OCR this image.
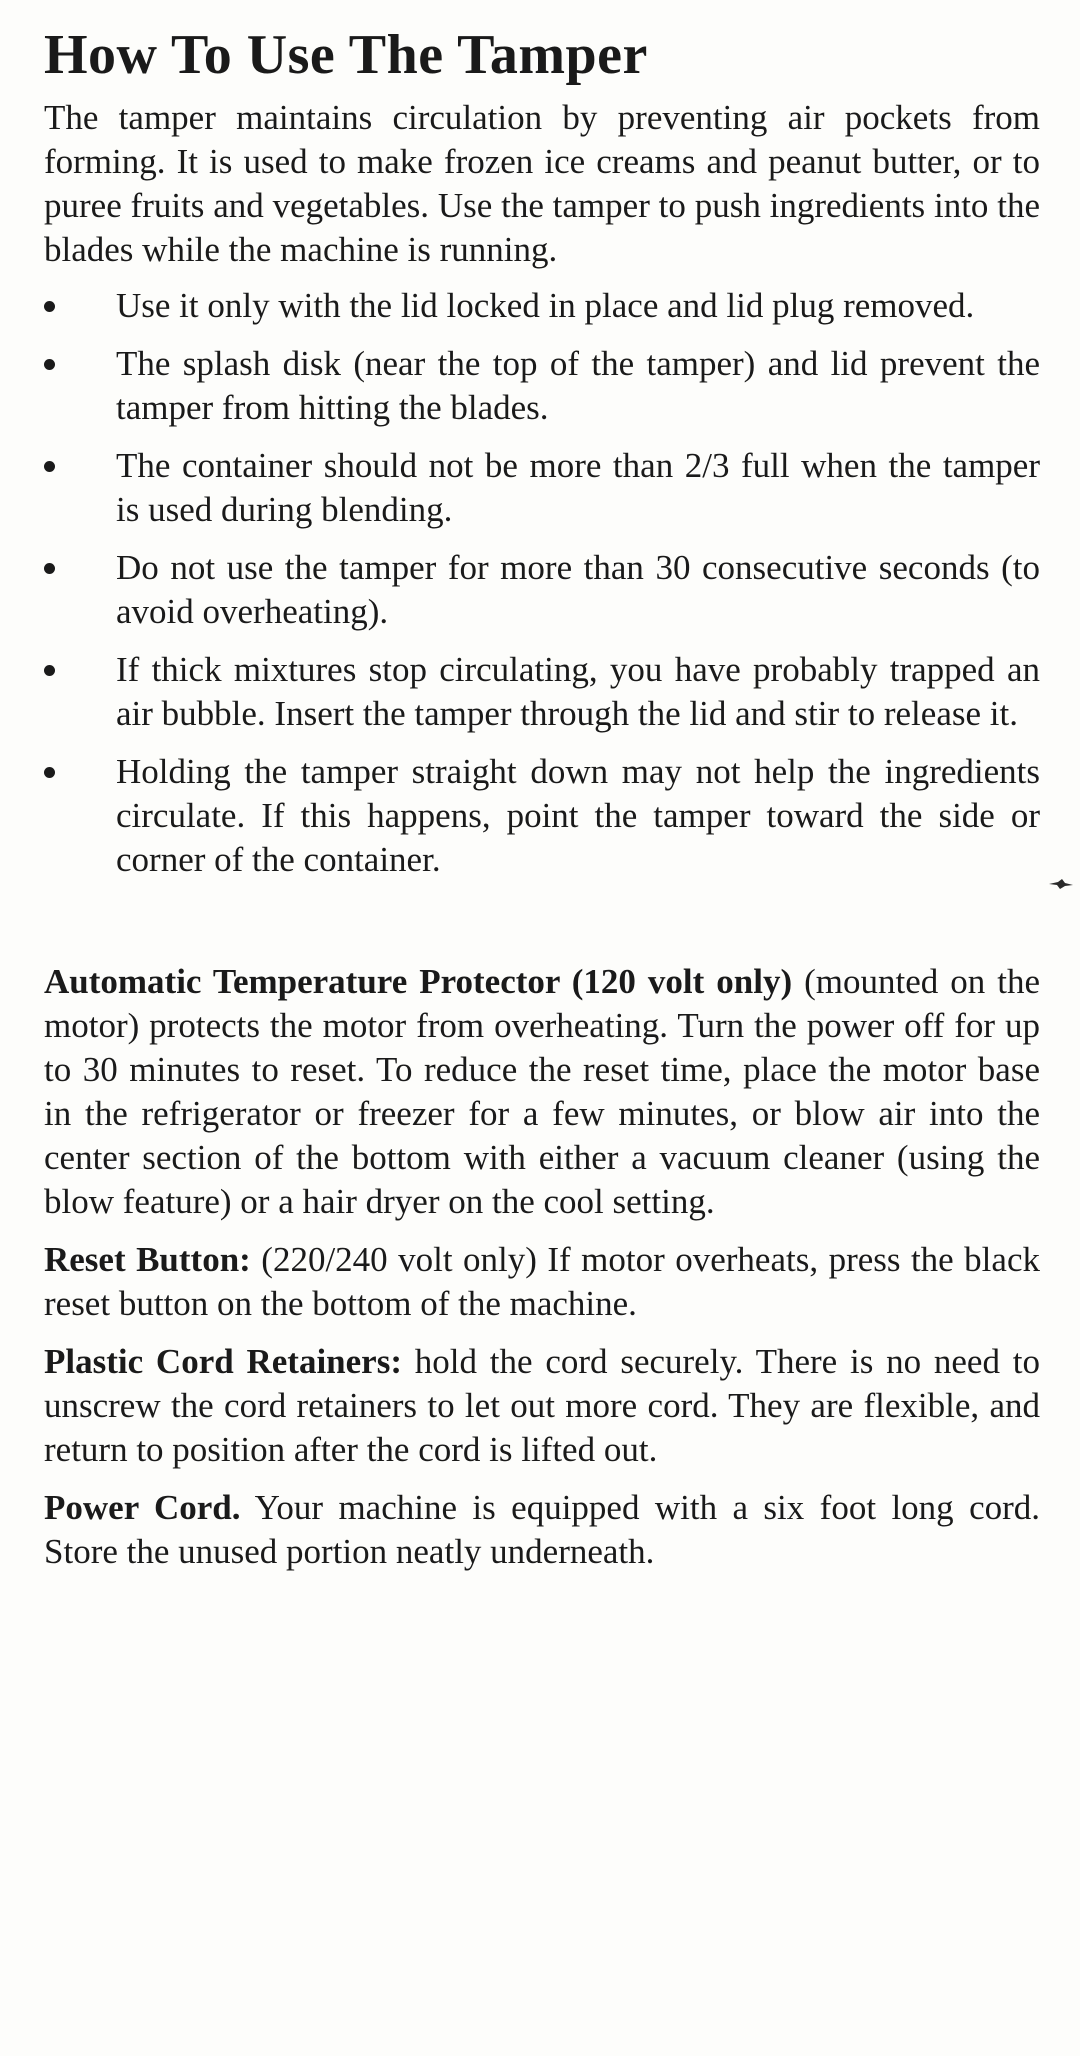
How To Use The Tamper

The tamper maintains circulation by preventing air pockets from forming. It is used to make frozen ice creams and peanut butter, or to puree fruits and vegetables. Use the tamper to push ingredients into the blades while the machine is running.

Use it only with the lid locked in place and lid plug removed.
The splash disk (near the top of the tamper) and lid prevent the tamper from hitting the blades.
The container should not be more than 2/3 full when the tamper is used during blending.
Do not use the tamper for more than 30 consecutive seconds (to avoid overheating).
If thick mixtures stop circulating, you have probably trapped an air bubble. Insert the tamper through the lid and stir to release it.
Holding the tamper straight down may not help the ingredients circulate. If this happens, point the tamper toward the side or corner of the container.

Automatic Temperature Protector (120 volt only) (mounted on the motor) protects the motor from overheating. Turn the power off for up to 30 minutes to reset. To reduce the reset time, place the motor base in the refrigerator or freezer for a few minutes, or blow air into the center section of the bottom with either a vacuum cleaner (using the blow feature) or a hair dryer on the cool setting.

Reset Button: (220/240 volt only) If motor overheats, press the black reset button on the bottom of the machine.

Plastic Cord Retainers: hold the cord securely. There is no need to unscrew the cord retainers to let out more cord. They are flexible, and return to position after the cord is lifted out.

Power Cord. Your machine is equipped with a six foot long cord. Store the unused portion neatly underneath.
